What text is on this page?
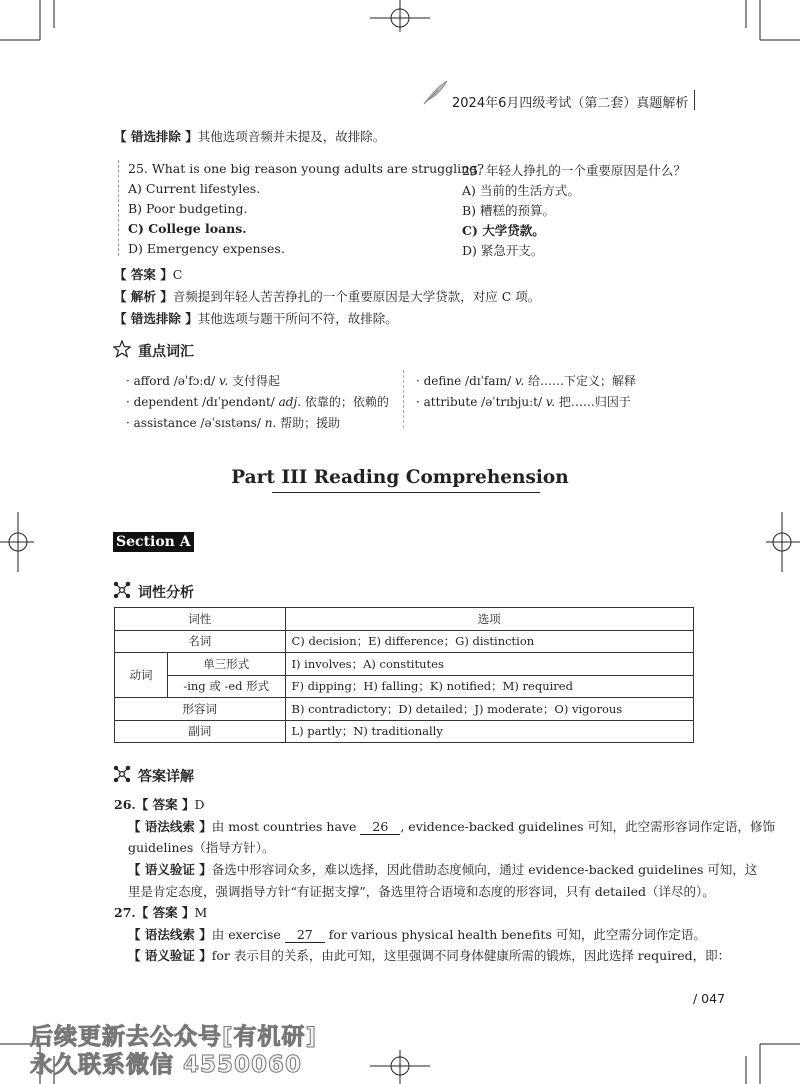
2024年6月四级考试（第二套）真题解析
【 错选排除 】其他选项音频并未提及，故排除。
25. What is one big reason young adults are struggling?
A) Current lifestyles.
B) Poor budgeting.
C) College loans.
D) Emergency expenses.
25. 年轻人挣扎的一个重要原因是什么？
A) 当前的生活方式。
B) 糟糕的预算。
C) 大学贷款。
D) 紧急开支。
【 答案 】C
【 解析 】音频提到年轻人苦苦挣扎的一个重要原因是大学贷款，对应 C 项。
【 错选排除 】其他选项与题干所问不符，故排除。
重点词汇
· afford /əˈfɔːd/ v. 支付得起
· dependent /dɪˈpendənt/ adj. 依靠的；依赖的
· assistance /əˈsɪstəns/ n. 帮助；援助
· define /dɪˈfaɪn/ v. 给……下定义；解释
· attribute /əˈtrɪbjuːt/ v. 把……归因于
Part III Reading Comprehension
Section A
词性分析
词性		选项
名词		C) decision；E) difference；G) distinction
动词	单三形式	I) involves；A) constitutes
	-ing 或 -ed 形式	F) dipping；H) falling；K) notified；M) required
形容词		B) contradictory；D) detailed；J) moderate；O) vigorous
副词		L) partly；N) traditionally
答案详解
26.【 答案 】D
【 语法线索 】由 most countries have 26 , evidence-backed guidelines 可知，此空需形容词作定语，修饰
guidelines（指导方针）。
【 语义验证 】备选中形容词众多，难以选择，因此借助态度倾向，通过 evidence-backed guidelines 可知，这
里是肯定态度，强调指导方针“有证据支撑”，备选里符合语境和态度的形容词，只有 detailed（详尽的）。
27.【 答案 】M
【 语法线索 】由 exercise 27 for various physical health benefits 可知，此空需分词作定语。
【 语义验证 】for 表示目的关系，由此可知，这里强调不同身体健康所需的锻炼，因此选择 required，即：
/ 047
后续更新去公众号[有机研]
永久联系微信 4550060
